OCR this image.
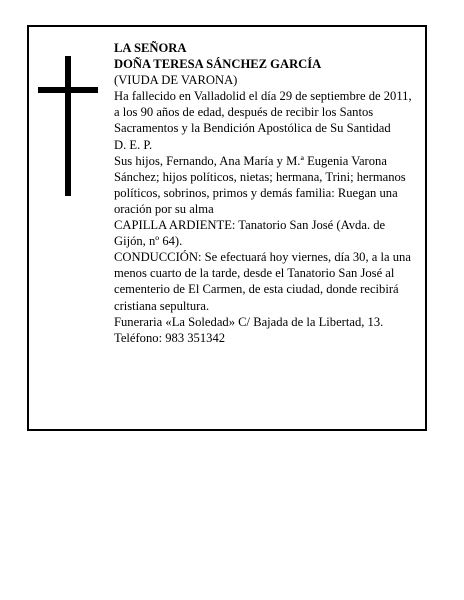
LA SEÑORA

DOÑA TERESA SÁNCHEZ GARCÍA

(VIUDA DE VARONA)

Ha fallecido en Valladolid el día 29 de septiembre de 2011, a los 90 años de edad, después de recibir los Santos Sacramentos y la Bendición Apostólica de Su Santidad

D. E. P.

Sus hijos, Fernando, Ana María y M.ª Eugenia Varona Sánchez; hijos políticos, nietas; hermana, Trini; hermanos políticos, sobrinos, primos y demás familia: Ruegan una oración por su alma

CAPILLA ARDIENTE: Tanatorio San José (Avda. de Gijón, nº 64).

CONDUCCIÓN: Se efectuará hoy viernes, día 30, a la una menos cuarto de la tarde, desde el Tanatorio San José al cementerio de El Carmen, de esta ciudad, donde recibirá cristiana sepultura.

Funeraria «La Soledad» C/ Bajada de la Libertad, 13.

Teléfono: 983 351342
